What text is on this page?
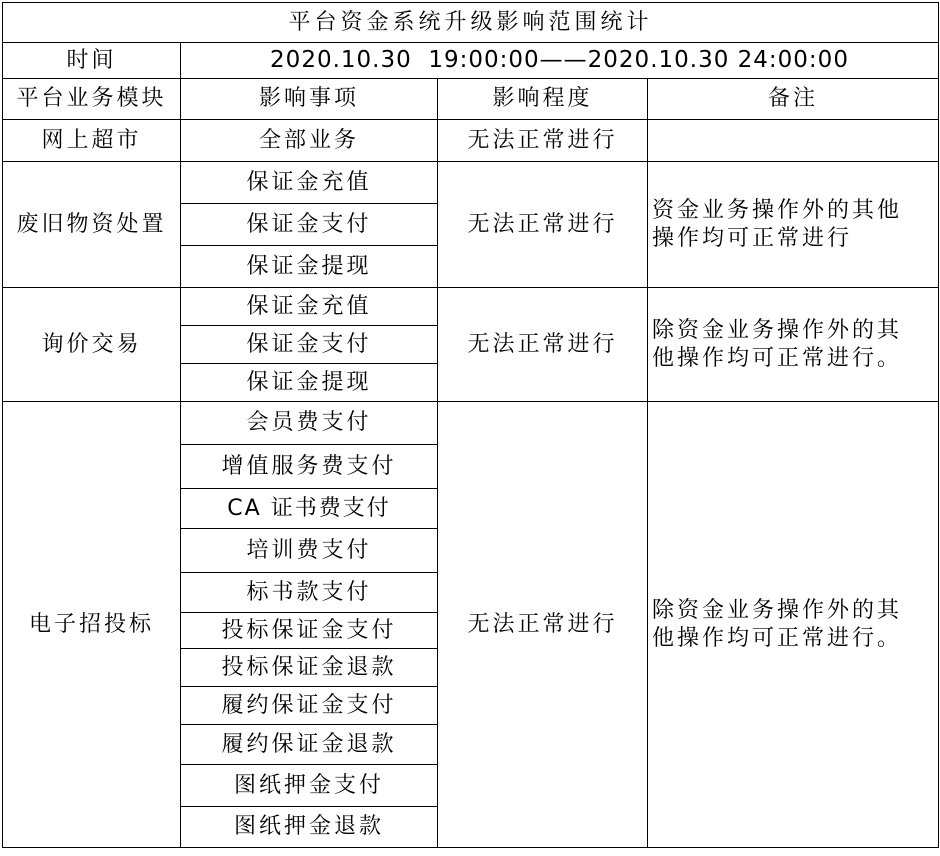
平台资金系统升级影响范围统计			
时间	2020.10.30  19:00:00——2020.10.30 24:00:00		
平台业务模块	影响事项	影响程度	备注
网上超市	全部业务	无法正常进行	
废旧物资处置	保证金充值	无法正常进行	资金业务操作外的其他
操作均可正常进行

	保证金支付		
	保证金提现		
询价交易	保证金充值	无法正常进行	除资金业务操作外的其
他操作均可正常进行。

	保证金支付		
	保证金提现		
电子招投标	会员费支付	无法正常进行	除资金业务操作外的其
他操作均可正常进行。

	增值服务费支付		
	CA 证书费支付		
	培训费支付		
	标书款支付		
	投标保证金支付		
	投标保证金退款		
	履约保证金支付		
	履约保证金退款		
	图纸押金支付		
	图纸押金退款		
